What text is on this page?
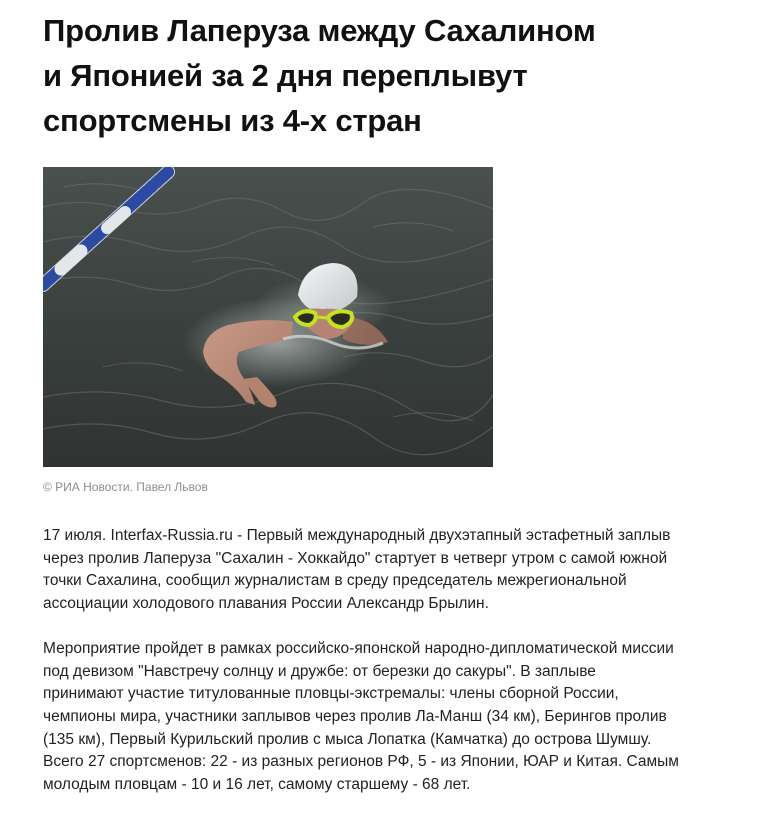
Пролив Лаперуза между Сахалином
и Японией за 2 дня переплывут
спортсмены из 4-х стран
© РИА Новости. Павел Львов

17 июля. Interfax-Russia.ru - Первый международный двухэтапный эстафетный заплыв
через пролив Лаперуза "Сахалин - Хоккайдо" стартует в четверг утром с самой южной
точки Сахалина, сообщил журналистам в среду председатель межрегиональной
ассоциации холодового плавания России Александр Брылин.

Мероприятие пройдет в рамках российско-японской народно-дипломатической миссии
под девизом "Навстречу солнцу и дружбе: от березки до сакуры". В заплыве
принимают участие титулованные пловцы-экстремалы: члены сборной России,
чемпионы мира, участники заплывов через пролив Ла-Манш (34 км), Берингов пролив
(135 км), Первый Курильский пролив с мыса Лопатка (Камчатка) до острова Шумшу.
Всего 27 спортсменов: 22 - из разных регионов РФ, 5 - из Японии, ЮАР и Китая. Самым
молодым пловцам - 10 и 16 лет, самому старшему - 68 лет.
